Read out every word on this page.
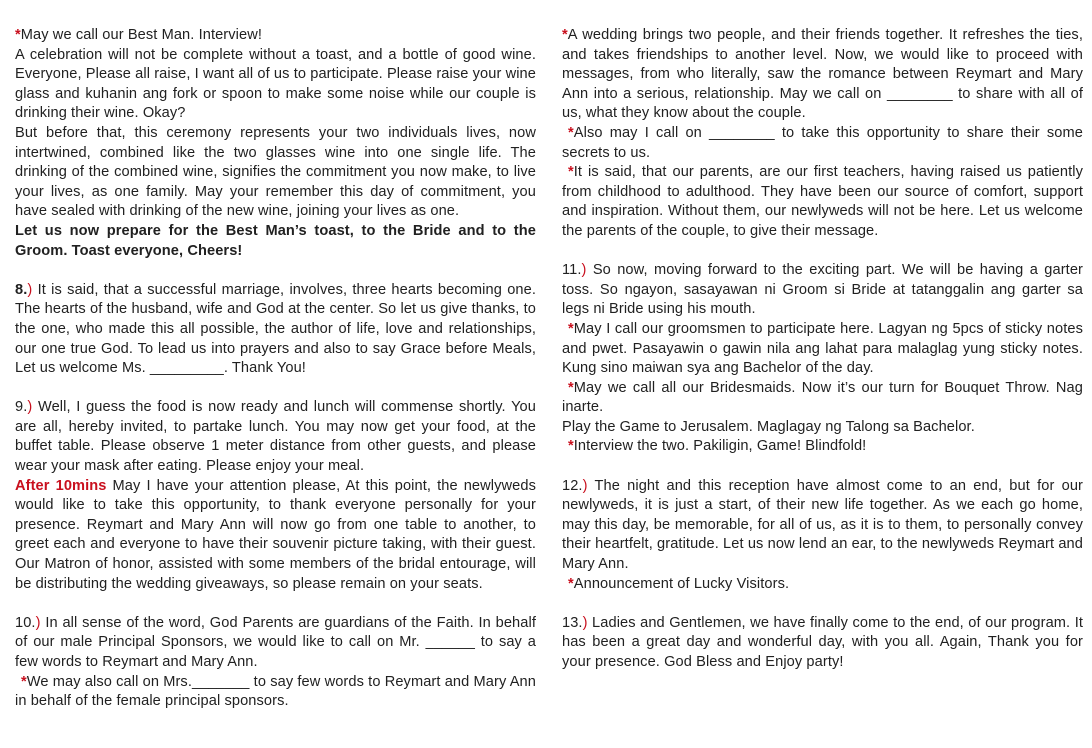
*May we call our Best Man. Interview!
A celebration will not be complete without a toast, and a bottle of good wine. Everyone, Please all raise, I want all of us to participate. Please raise your wine glass and kuhanin ang fork or spoon to make some noise while our couple is drinking their wine. Okay?
But before that, this ceremony represents your two individuals lives, now intertwined, combined like the two glasses wine into one single life. The drinking of the combined wine, signifies the commitment you now make, to live your lives, as one family. May your remember this day of commitment, you have sealed with drinking of the new wine, joining your lives as one.
Let us now prepare for the Best Man’s toast, to the Bride and to the Groom. Toast everyone, Cheers!
8.) It is said, that a successful marriage, involves, three hearts becoming one. The hearts of the husband, wife and God at the center. So let us give thanks, to the one, who made this all possible, the author of life, love and relationships, our one true God. To lead us into prayers and also to say Grace before Meals, Let us welcome Ms. _________. Thank You!
9.) Well, I guess the food is now ready and lunch will commense shortly. You are all, hereby invited, to partake lunch. You may now get your food, at the buffet table. Please observe 1 meter distance from other guests, and please wear your mask after eating. Please enjoy your meal.
After 10mins May I have your attention please, At this point, the newlyweds would like to take this opportunity, to thank everyone personally for your presence. Reymart and Mary Ann will now go from one table to another, to greet each and everyone to have their souvenir picture taking, with their guest. Our Matron of honor, assisted with some members of the bridal entourage, will be distributing the wedding giveaways, so please remain on your seats.
10.) In all sense of the word, God Parents are guardians of the Faith. In behalf of our male Principal Sponsors, we would like to call on Mr. ______ to say a few words to Reymart and Mary Ann.
*We may also call on Mrs._______ to say few words to Reymart and Mary Ann in behalf of the female principal sponsors.
*A wedding brings two people, and their friends together. It refreshes the ties, and takes friendships to another level. Now, we would like to proceed with messages, from who literally, saw the romance between Reymart and Mary Ann into a serious, relationship. May we call on ________ to share with all of us, what they know about the couple.
*Also may I call on ________ to take this opportunity to share their some secrets to us.
*It is said, that our parents, are our first teachers, having raised us patiently from childhood to adulthood. They have been our source of comfort, support and inspiration. Without them, our newlyweds will not be here. Let us welcome the parents of the couple, to give their message.
11.) So now, moving forward to the exciting part. We will be having a garter toss. So ngayon, sasayawan ni Groom si Bride at tatanggalin ang garter sa legs ni Bride using his mouth.
*May I call our groomsmen to participate here. Lagyan ng 5pcs of sticky notes and pwet. Pasayawin o gawin nila ang lahat para malaglag yung sticky notes. Kung sino maiwan sya ang Bachelor of the day.
*May we call all our Bridesmaids. Now it’s our turn for Bouquet Throw. Nag inarte.
Play the Game to Jerusalem. Maglagay ng Talong sa Bachelor.
*Interview the two. Pakiligin, Game! Blindfold!
12.) The night and this reception have almost come to an end, but for our newlyweds, it is just a start, of their new life together. As we each go home, may this day, be memorable, for all of us, as it is to them, to personally convey their heartfelt, gratitude. Let us now lend an ear, to the newlyweds Reymart and Mary Ann.
*Announcement of Lucky Visitors.
13.) Ladies and Gentlemen, we have finally come to the end, of our program. It has been a great day and wonderful day, with you all. Again, Thank you for your presence. God Bless and Enjoy party!
